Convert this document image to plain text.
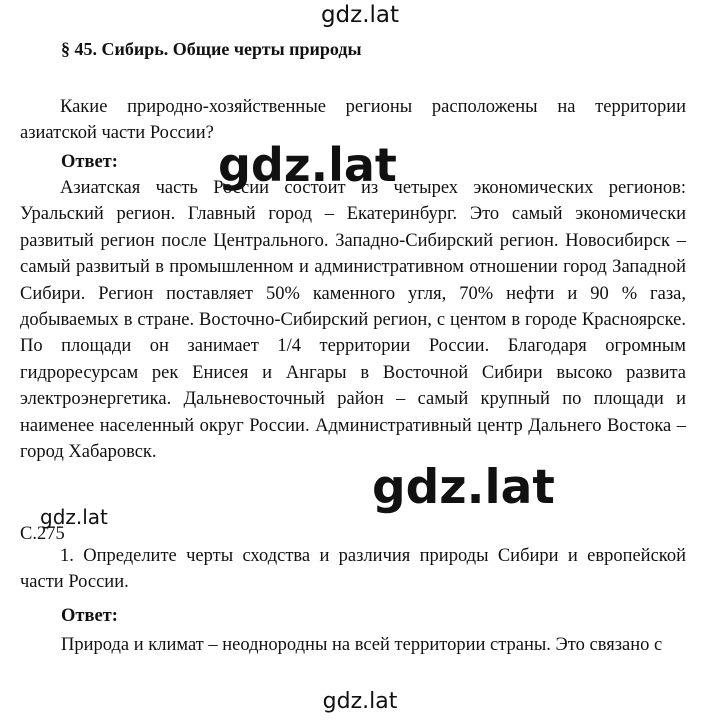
gdz.lat
§ 45. Сибирь. Общие черты природы
Какие природно-хозяйственные регионы расположены на территории азиатской части России?
Ответ: gdz.lat
Азиатская часть России состоит из четырех экономических регионов: Уральский регион. Главный город – Екатеринбург. Это самый экономически развитый регион после Центрального. Западно-Сибирский регион. Новосибирск – самый развитый в промышленном и административном отношении город Западной Сибири. Регион поставляет 50% каменного угля, 70% нефти и 90 % газа, добываемых в стране. Восточно-Сибирский регион, с центом в городе Красноярске. По площади он занимает 1/4 территории России. Благодаря огромным гидроресурсам рек Енисея и Ангары в Восточной Сибири высоко развита электроэнергетика. Дальневосточный район – самый крупный по площади и наименее населенный округ России. Административный центр Дальнего Востока – город Хабаровск.
gdz.lat
gdz.lat
С.275
1. Определите черты сходства и различия природы Сибири и европейской части России.
Ответ:
Природа и климат – неоднородны на всей территории страны. Это связано с
gdz.lat
